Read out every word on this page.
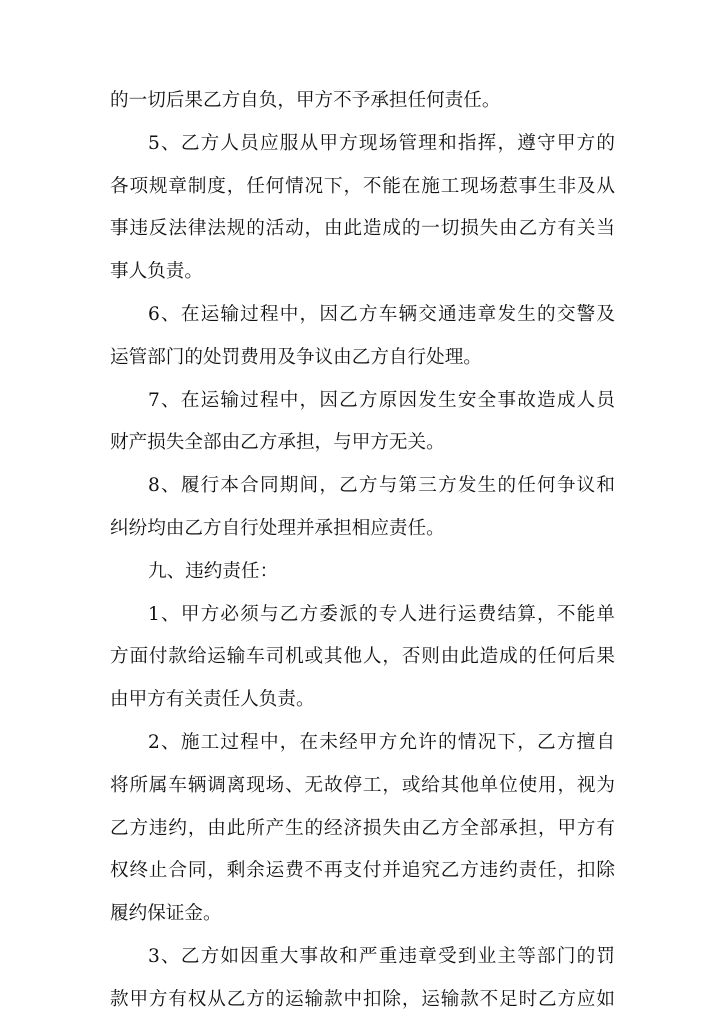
的一切后果乙方自负，甲方不予承担任何责任。
5、乙方人员应服从甲方现场管理和指挥，遵守甲方的
各项规章制度，任何情况下，不能在施工现场惹事生非及从
事违反法律法规的活动，由此造成的一切损失由乙方有关当
事人负责。
6、在运输过程中，因乙方车辆交通违章发生的交警及
运管部门的处罚费用及争议由乙方自行处理。
7、在运输过程中，因乙方原因发生安全事故造成人员
财产损失全部由乙方承担，与甲方无关。
8、履行本合同期间，乙方与第三方发生的任何争议和
纠纷均由乙方自行处理并承担相应责任。
九、违约责任：
1、甲方必须与乙方委派的专人进行运费结算，不能单
方面付款给运输车司机或其他人，否则由此造成的任何后果
由甲方有关责任人负责。
2、施工过程中，在未经甲方允许的情况下，乙方擅自
将所属车辆调离现场、无故停工，或给其他单位使用，视为
乙方违约，由此所产生的经济损失由乙方全部承担，甲方有
权终止合同，剩余运费不再支付并追究乙方违约责任，扣除
履约保证金。
3、乙方如因重大事故和严重违章受到业主等部门的罚
款甲方有权从乙方的运输款中扣除，运输款不足时乙方应如
